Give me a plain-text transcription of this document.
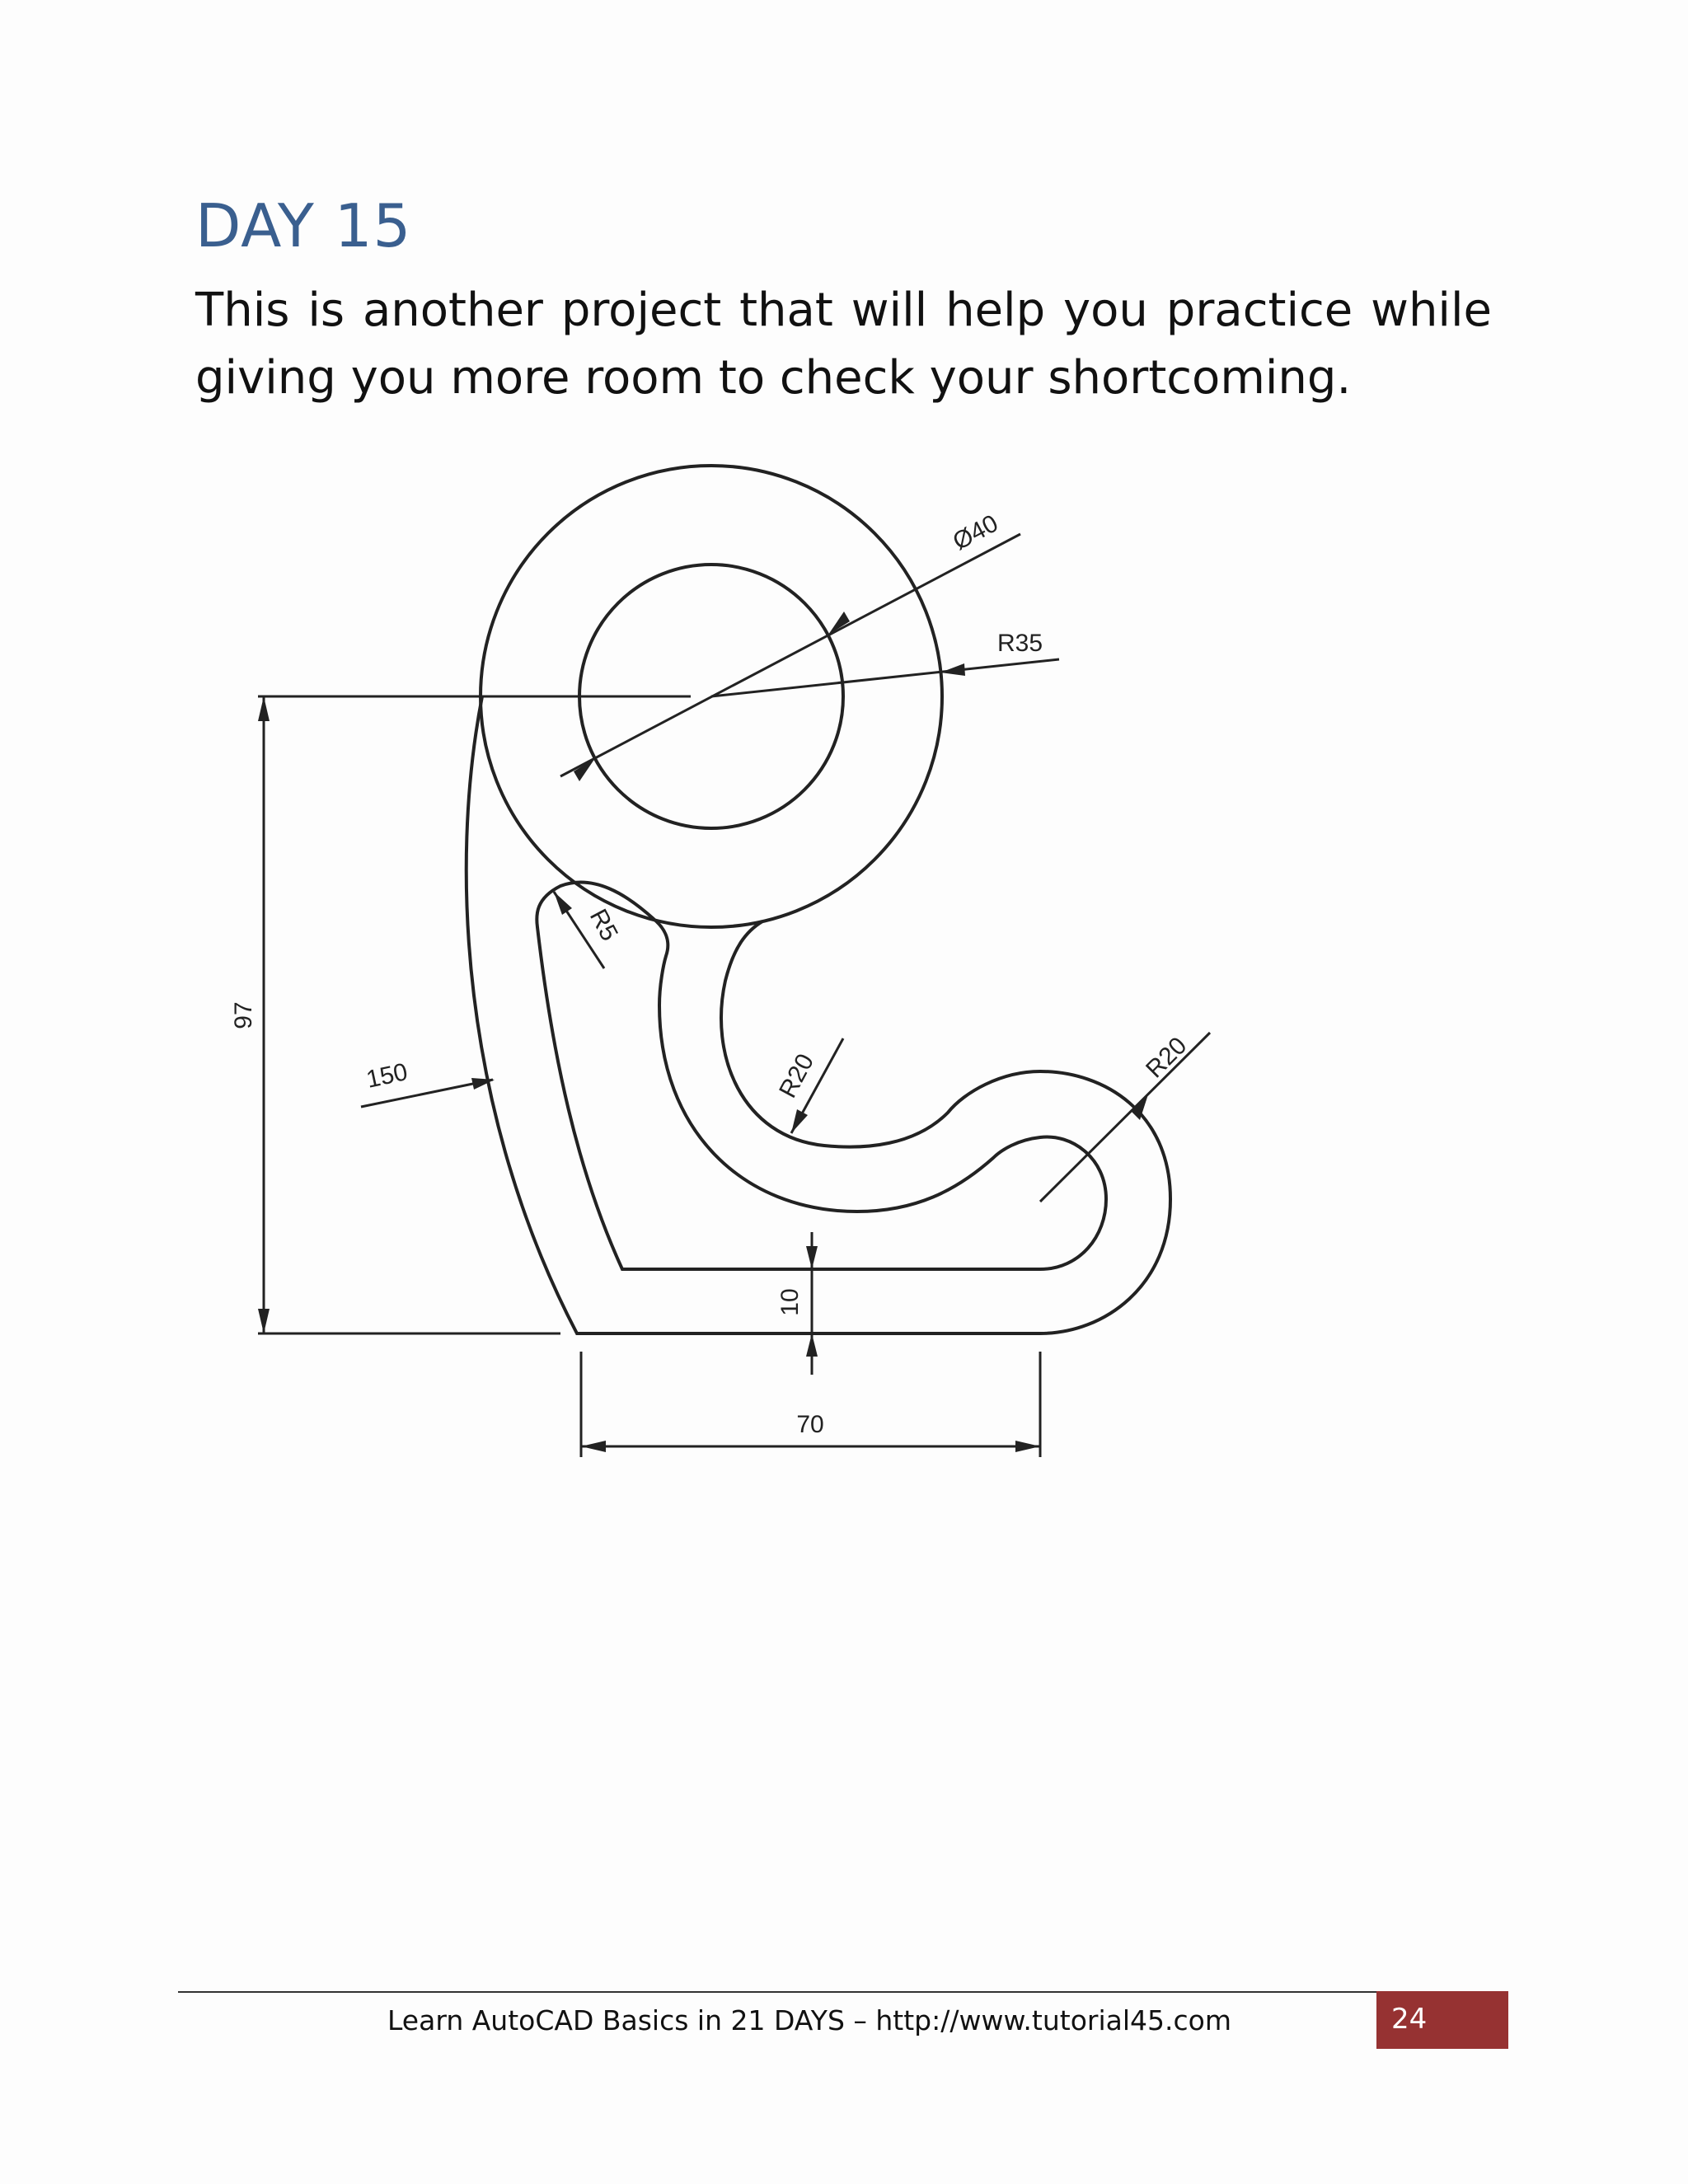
DAY 15

This is another project that will help you practice while giving you more room to check your shortcoming.

97
150
70
10
Ø40
R35
R5
R20	R20
Learn AutoCAD Basics in 21 DAYS – http://www.tutorial45.com	24
